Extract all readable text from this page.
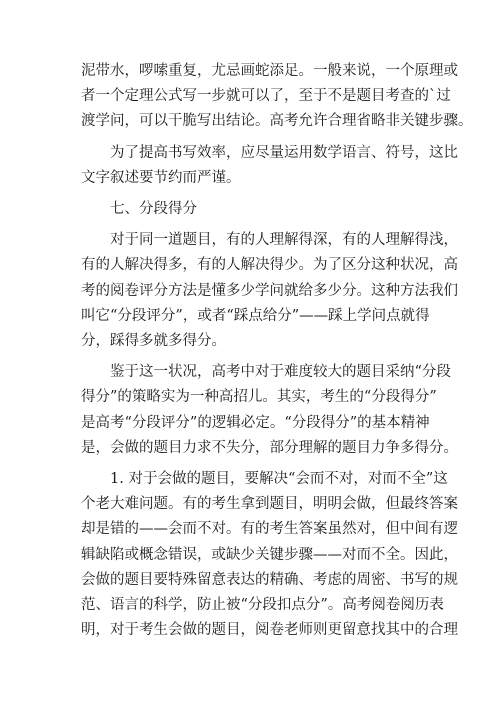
泥带水，啰嗦重复，尤忌画蛇添足。一般来说，一个原理或
者一个定理公式写一步就可以了，至于不是题目考查的`过
渡学问，可以干脆写出结论。高考允许合理省略非关键步骤。

　　为了提高书写效率，应尽量运用数学语言、符号，这比
文字叙述要节约而严谨。

　　七、分段得分

　　对于同一道题目，有的人理解得深，有的人理解得浅，
有的人解决得多，有的人解决得少。为了区分这种状况，高
考的阅卷评分方法是懂多少学问就给多少分。这种方法我们
叫它“分段评分”，或者“踩点给分”——踩上学问点就得
分，踩得多就多得分。

　　鉴于这一状况，高考中对于难度较大的题目采纳“分段
得分”的策略实为一种高招儿。其实，考生的“分段得分”
是高考“分段评分”的逻辑必定。“分段得分”的基本精神
是，会做的题目力求不失分，部分理解的题目力争多得分。

　　1. 对于会做的题目，要解决“会而不对，对而不全”这
个老大难问题。有的考生拿到题目，明明会做，但最终答案
却是错的——会而不对。有的考生答案虽然对，但中间有逻
辑缺陷或概念错误，或缺少关键步骤——对而不全。因此，
会做的题目要特殊留意表达的精确、考虑的周密、书写的规
范、语言的科学，防止被“分段扣点分”。高考阅卷阅历表
明，对于考生会做的题目，阅卷老师则更留意找其中的合理
